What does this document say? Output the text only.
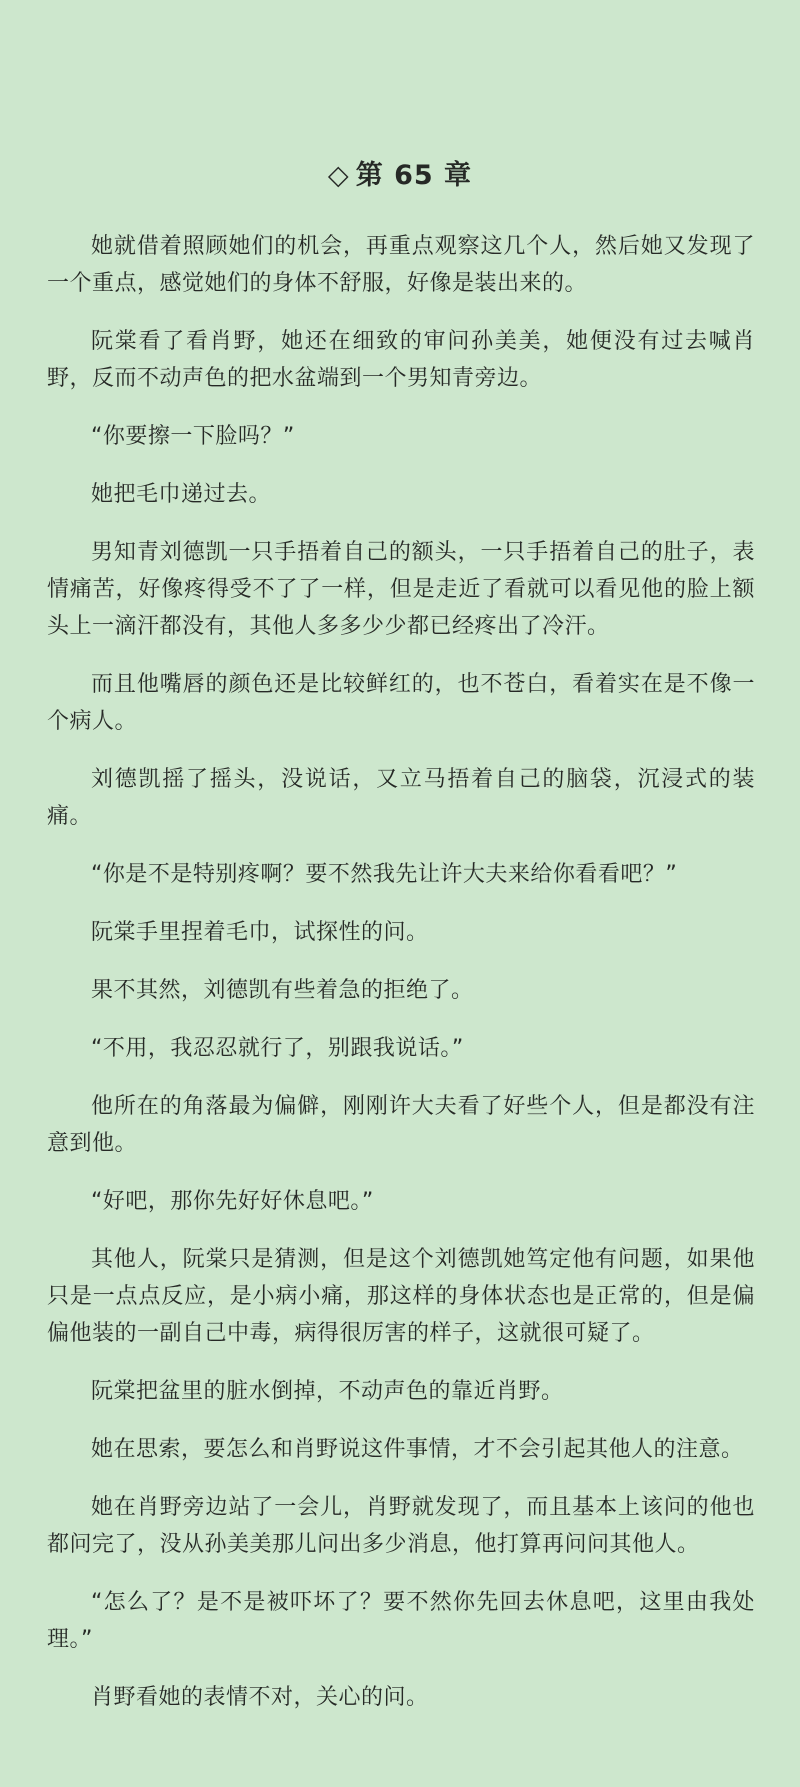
◇ 第 65 章

她就借着照顾她们的机会，再重点观察这几个人，然后她又发现了一个重点，感觉她们的身体不舒服，好像是装出来的。

阮棠看了看肖野，她还在细致的审问孙美美，她便没有过去喊肖野，反而不动声色的把水盆端到一个男知青旁边。

“你要擦一下脸吗？”

她把毛巾递过去。

男知青刘德凯一只手捂着自己的额头，一只手捂着自己的肚子，表情痛苦，好像疼得受不了了一样，但是走近了看就可以看见他的脸上额头上一滴汗都没有，其他人多多少少都已经疼出了冷汗。

而且他嘴唇的颜色还是比较鲜红的，也不苍白，看着实在是不像一个病人。

刘德凯摇了摇头，没说话，又立马捂着自己的脑袋，沉浸式的装痛。

“你是不是特别疼啊？要不然我先让许大夫来给你看看吧？”

阮棠手里捏着毛巾，试探性的问。

果不其然，刘德凯有些着急的拒绝了。

“不用，我忍忍就行了，别跟我说话。”

他所在的角落最为偏僻，刚刚许大夫看了好些个人，但是都没有注意到他。

“好吧，那你先好好休息吧。”

其他人，阮棠只是猜测，但是这个刘德凯她笃定他有问题，如果他只是一点点反应，是小病小痛，那这样的身体状态也是正常的，但是偏偏他装的一副自己中毒，病得很厉害的样子，这就很可疑了。

阮棠把盆里的脏水倒掉，不动声色的靠近肖野。

她在思索，要怎么和肖野说这件事情，才不会引起其他人的注意。

她在肖野旁边站了一会儿，肖野就发现了，而且基本上该问的他也都问完了，没从孙美美那儿问出多少消息，他打算再问问其他人。

“怎么了？是不是被吓坏了？要不然你先回去休息吧，这里由我处理。”

肖野看她的表情不对，关心的问。
